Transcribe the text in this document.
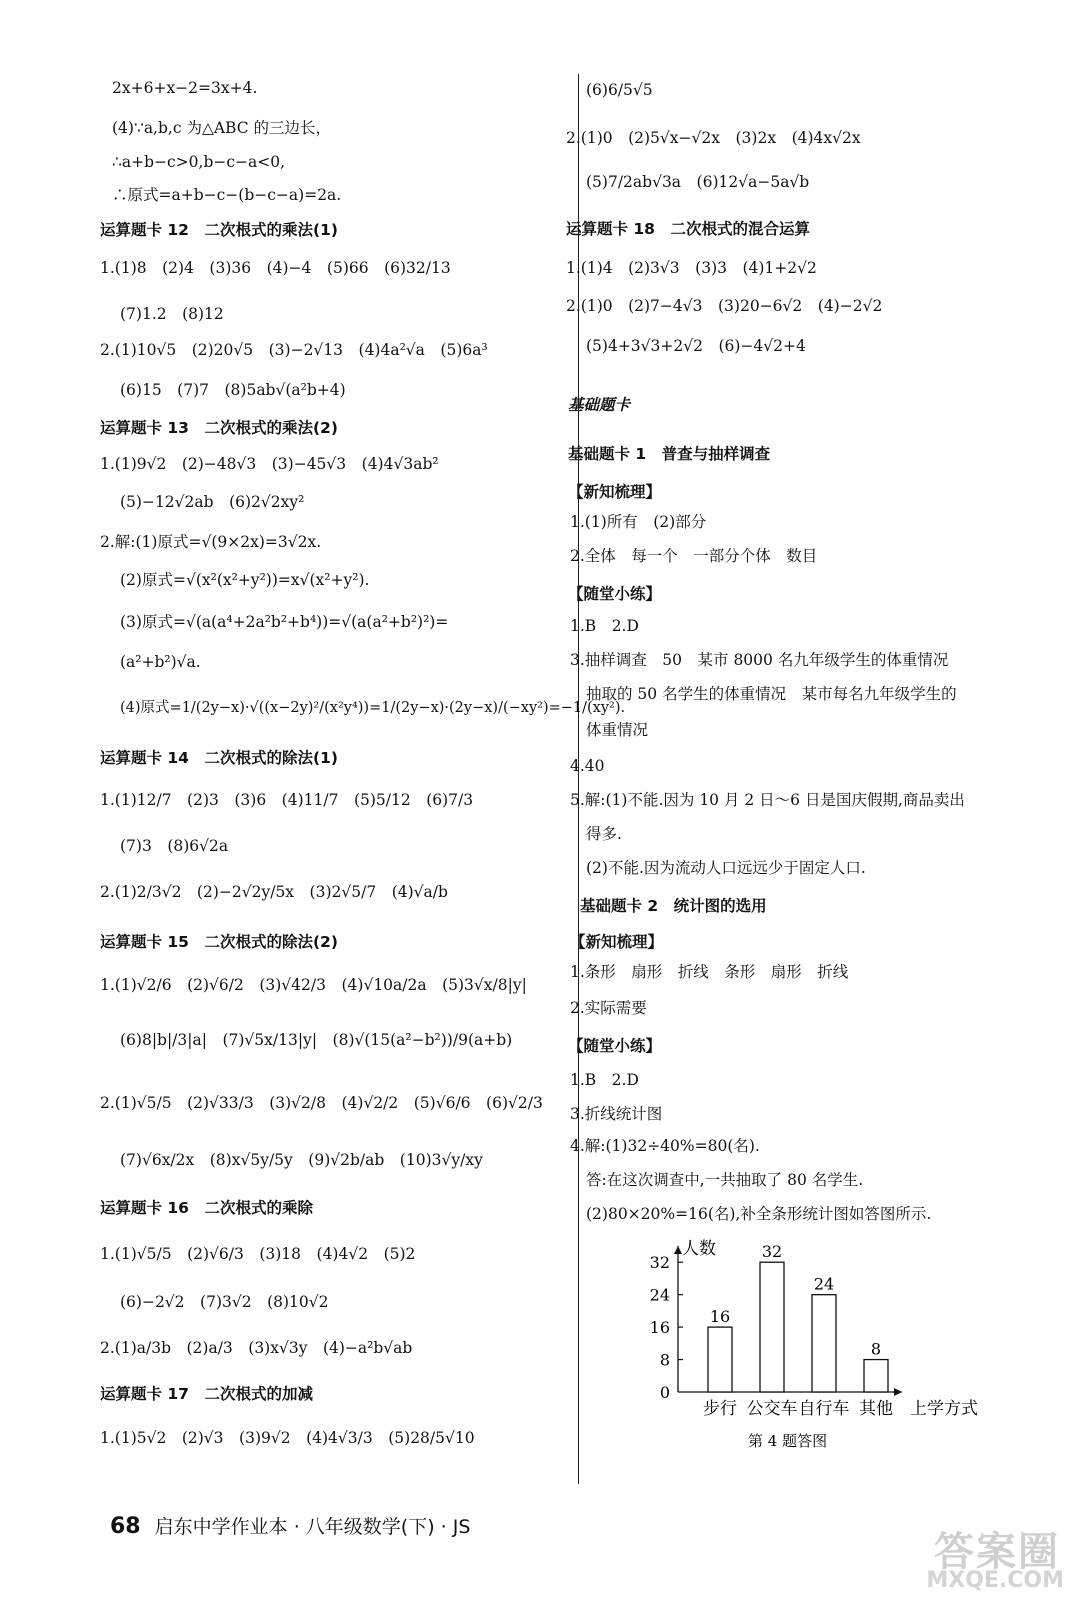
2x+6+x−2=3x+4.
(4)∵a,b,c 为△ABC 的三边长，
∴a+b−c>0,b−c−a<0,
∴原式=a+b−c−(b−c−a)=2a.
运算题卡 12　二次根式的乘法(1)
1.(1)8　(2)4　(3)36　(4)−4　(5)66　(6)32/13
(7)1.2　(8)12
2.(1)10√5　(2)20√5　(3)−2√13　(4)4a²√a　(5)6a³
(6)15　(7)7　(8)5ab√(a²b+4)
运算题卡 13　二次根式的乘法(2)
1.(1)9√2　(2)−48√3　(3)−45√3　(4)4√3ab²
(5)−12√2ab　(6)2√2xy²
2.解:(1)原式=√(9×2x)=3√2x.
(2)原式=√(x²(x²+y²))=x√(x²+y²).
(3)原式=√(a(a⁴+2a²b²+b⁴))=√(a(a²+b²)²)=
(a²+b²)√a.
(4)原式=1/(2y−x)·√((x−2y)²/(x²y⁴))=1/(2y−x)·(2y−x)/(−xy²)=−1/(xy²).
运算题卡 14　二次根式的除法(1)
1.(1)12/7　(2)3　(3)6　(4)11/7　(5)5/12　(6)7/3
(7)3　(8)6√2a
2.(1)2/3√2　(2)−2√2y/5x　(3)2√5/7　(4)√a/b
运算题卡 15　二次根式的除法(2)
1.(1)√2/6　(2)√6/2　(3)√42/3　(4)√10a/2a　(5)3√x/8|y|
(6)8|b|/3|a|　(7)√5x/13|y|　(8)√(15(a²−b²))/9(a+b)
2.(1)√5/5　(2)√33/3　(3)√2/8　(4)√2/2　(5)√6/6　(6)√2/3
(7)√6x/2x　(8)x√5y/5y　(9)√2b/ab　(10)3√y/xy
运算题卡 16　二次根式的乘除
1.(1)√5/5　(2)√6/3　(3)18　(4)4√2　(5)2
(6)−2√2　(7)3√2　(8)10√2
2.(1)a/3b　(2)a/3　(3)x√3y　(4)−a²b√ab
运算题卡 17　二次根式的加减
1.(1)5√2　(2)√3　(3)9√2　(4)4√3/3　(5)28/5√10
(6)6/5√5
2.(1)0　(2)5√x−√2x　(3)2x　(4)4x√2x
(5)7/2ab√3a　(6)12√a−5a√b
运算题卡 18　二次根式的混合运算
1.(1)4　(2)3√3　(3)3　(4)1+2√2
2.(1)0　(2)7−4√3　(3)20−6√2　(4)−2√2
(5)4+3√3+2√2　(6)−4√2+4
基础题卡
基础题卡 1　普查与抽样调查
【新知梳理】
1.(1)所有　(2)部分
2.全体　每一个　一部分个体　数目
【随堂小练】
1.B　2.D
3.抽样调查　50　某市 8000 名九年级学生的体重情况
抽取的 50 名学生的体重情况　某市每名九年级学生的
体重情况
4.40
5.解:(1)不能.因为 10 月 2 日～6 日是国庆假期,商品卖出
得多.
(2)不能.因为流动人口远远少于固定人口.
基础题卡 2　统计图的选用
【新知梳理】
1.条形　扇形　折线　条形　扇形　折线
2.实际需要
【随堂小练】
1.B　2.D
3.折线统计图
4.解:(1)32÷40%=80(名).
答:在这次调查中,一共抽取了 80 名学生.
(2)80×20%=16(名),补全条形统计图如答图所示.
0
8
16
24
32
16
步行
32
公交车
24
自行车
8
其他
人数
上学方式
第 4 题答图
68 启东中学作业本 · 八年级数学(下) · JS
答案圈
MXQE.COM
